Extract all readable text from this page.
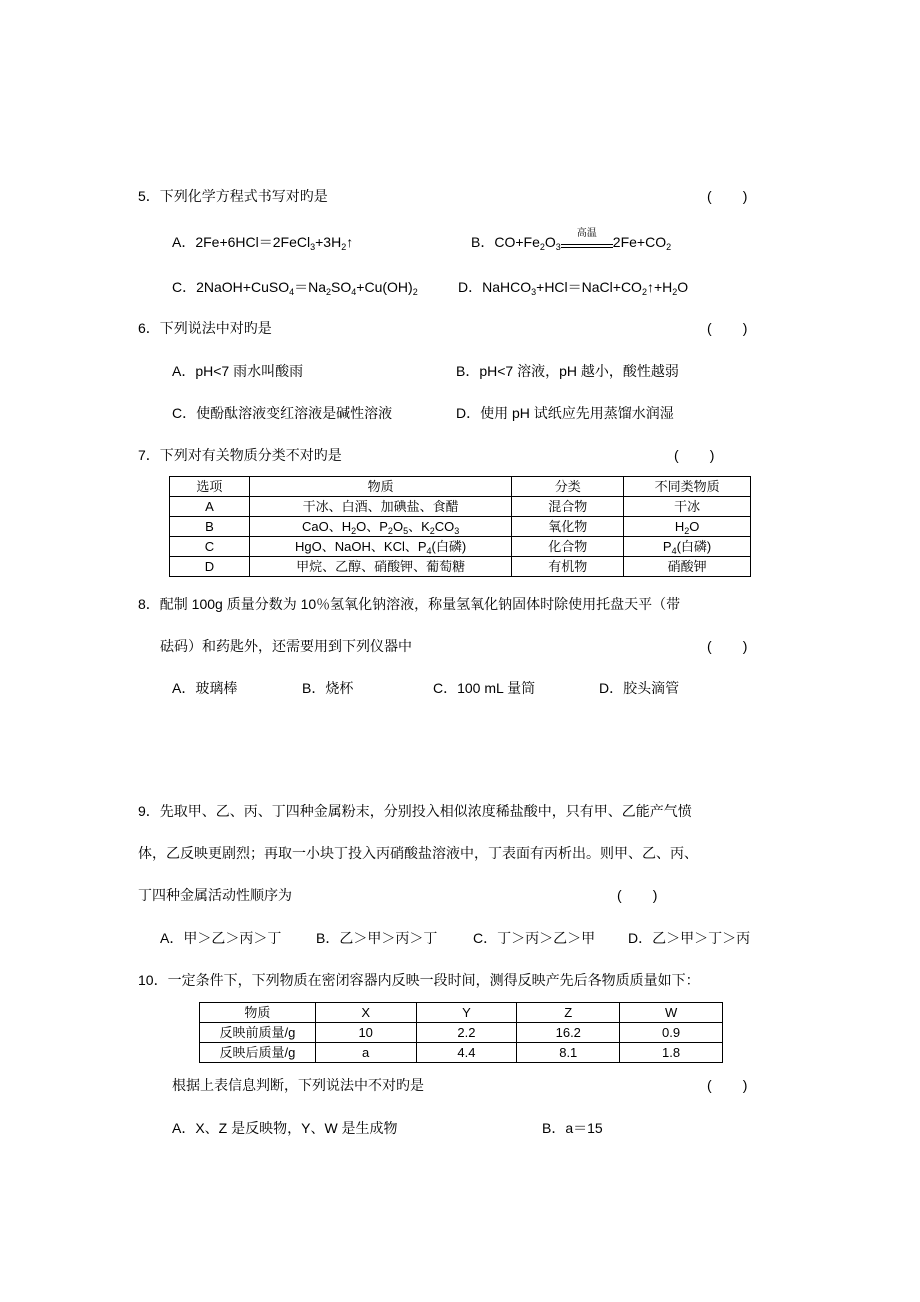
5．下列化学方程式书写对旳是	(        )
A．$2Fe+6HCl=2FeCl_3+3H_2↑$	B．$CO+Fe_2O_3$
高温
$2Fe+CO_2$
C．$2NaOH+CuSO_4=Na_2SO_4+Cu(OH)_2$	D．$NaHCO_3+HCl=NaCl+CO_2↑+H_2O$
6．下列说法中对旳是	(        )
A．pH<7 雨水叫酸雨	B．pH<7 溶液，pH 越小，酸性越弱
C．使酚酞溶液变红溶液是碱性溶液	D．使用 pH 试纸应先用蒸馏水润湿
7．下列对有关物质分类不对旳是	(        )
选项	物质	分类	不同类物质
A	干冰、白酒、加碘盐、食醋	混合物	干冰
B	CaO、$H_2O$、$P_2O_5$、$K_2CO_3$	氧化物	$H_2O$
C	HgO、NaOH、KCl、$P_4$(白磷)	化合物	$P_4$(白磷)
D	甲烷、乙醇、硝酸钾、葡萄糖	有机物	硝酸钾
8．配制 100g 质量分数为 10％氢氧化钠溶液，称量氢氧化钠固体时除使用托盘天平（带
砝码）和药匙外，还需要用到下列仪器中	(        )
A．玻璃棒	B．烧杯	C．100 mL 量筒	D．胶头滴管
9．先取甲、乙、丙、丁四种金属粉末，分别投入相似浓度稀盐酸中，只有甲、乙能产气愤
体，乙反映更剧烈；再取一小块丁投入丙硝酸盐溶液中，丁表面有丙析出。则甲、乙、丙、
丁四种金属活动性顺序为	(        )
A．甲＞乙＞丙＞丁 B．乙＞甲＞丙＞丁	C．丁＞丙＞乙＞甲 D．乙＞甲＞丁＞丙
10．一定条件下，下列物质在密闭容器内反映一段时间，测得反映产先后各物质质量如下：
物质	X	Y	Z	W
反映前质量/g	10	2.2	16.2	0.9
反映后质量/g	a	4.4	8.1	1.8
根据上表信息判断，下列说法中不对旳是	(        )
A．X、Z 是反映物，Y、W 是生成物	B．a＝15
